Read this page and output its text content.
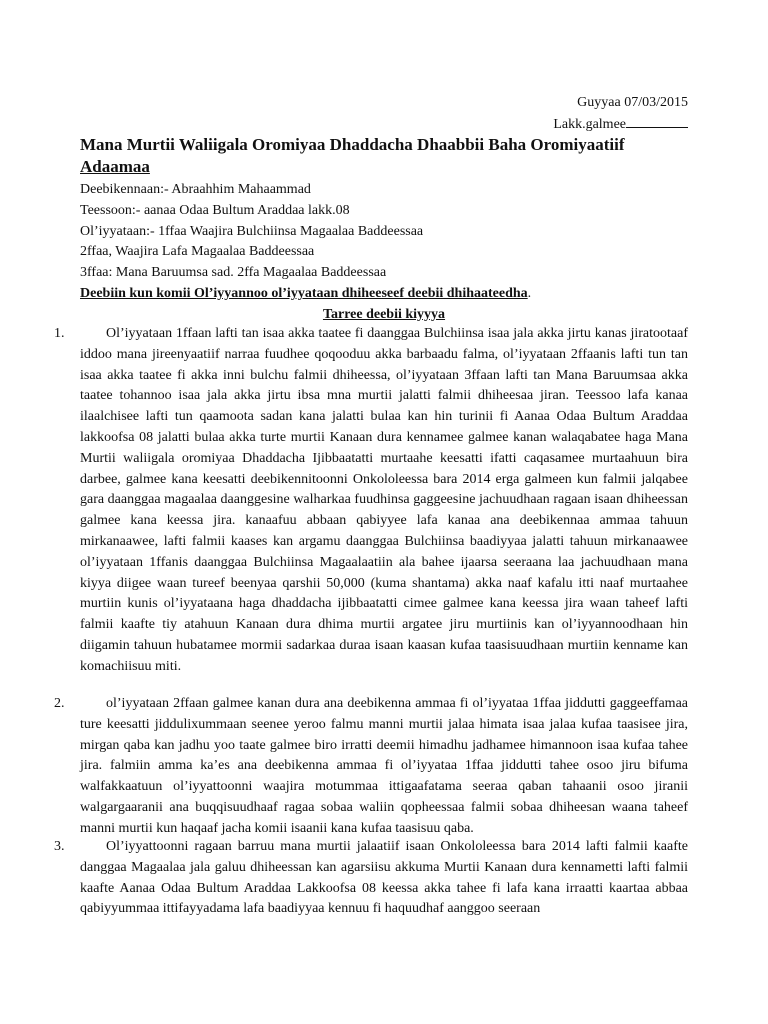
Guyyaa 07/03/2015
Lakk.galmee
Mana Murtii Waliigala Oromiyaa Dhaddacha Dhaabbii Baha Oromiyaatiif
Adaamaa
Deebikennaan:- Abraahhim Mahaammad
Teessoon:- aanaa Odaa Bultum Araddaa lakk.08
Ol’iyyataan:- 1ffaa Waajira Bulchiinsa Magaalaa Baddeessaa
2ffaa, Waajira Lafa Magaalaa Baddeessaa
3ffaa: Mana Baruumsa sad. 2ffa Magaalaa Baddeessaa
Deebiin kun komii Ol’iyyannoo ol’iyyataan dhiheeseef deebii dhihaateedha.
Tarree deebii kiyyya
1.	Ol’iyyataan 1ffaan lafti tan isaa akka taatee fi daanggaa Bulchiinsa isaa jala akka jirtu kanas jiratootaaf iddoo mana jireenyaatiif narraa fuudhee qoqooduu akka barbaadu falma, ol’iyyataan 2ffaanis lafti tun tan isaa akka taatee fi akka inni bulchu falmii dhiheessa, ol’iyyataan 3ffaan lafti tan Mana Baruumsaa akka taatee tohannoo isaa jala akka jirtu ibsa mna murtii jalatti falmii dhiheesaa jiran. Teessoo lafa kanaa ilaalchisee lafti tun qaamoota sadan kana jalatti bulaa kan hin turinii fi Aanaa Odaa Bultum Araddaa lakkoofsa 08 jalatti bulaa akka turte murtii Kanaan dura kennamee galmee kanan walaqabatee haga Mana Murtii waliigala oromiyaa Dhaddacha Ijibbaatatti murtaahe keesatti ifatti caqasamee murtaahuun bira darbee, galmee kana keesatti deebikennitoonni Onkololeessa bara 2014 erga galmeen kun falmii jalqabee gara daanggaa magaalaa daanggesine walharkaa fuudhinsa gaggeesine jachuudhaan ragaan isaan dhiheessan galmee kana keessa jira. kanaafuu abbaan qabiyyee lafa kanaa ana deebikennaa ammaa tahuun mirkanaawee, lafti falmii kaases kan argamu daanggaa Bulchiinsa baadiyyaa jalatti tahuun mirkanaawee ol’iyyataan 1ffanis daanggaa Bulchiinsa Magaalaatiin ala bahee ijaarsa seeraana laa jachuudhaan mana kiyya diigee waan tureef beenyaa qarshii 50,000 (kuma shantama) akka naaf kafalu itti naaf murtaahee murtiin kunis ol’iyyataana haga dhaddacha ijibbaatatti cimee galmee kana keessa jira waan taheef lafti falmii kaafte tiy atahuun Kanaan dura dhima murtii argatee jiru murtiinis kan ol’iyyannoodhaan hin diigamin tahuun hubatamee mormii sadarkaa duraa isaan kaasan kufaa taasisuudhaan murtiin kenname kan komachiisuu miti.
2.	ol’iyyataan 2ffaan galmee kanan dura ana deebikenna ammaa fi ol’iyyataa 1ffaa jiddutti gaggeeffamaa ture keesatti jiddulixummaan seenee yeroo falmu manni murtii jalaa himata isaa jalaa kufaa taasisee jira, mirgan qaba kan jadhu yoo taate galmee biro irratti deemii himadhu jadhamee himannoon isaa kufaa tahee jira. falmiin amma ka’es ana deebikenna ammaa fi ol’iyyataa 1ffaa jiddutti tahee osoo jiru bifuma walfakkaatuun ol’iyyattoonni waajira motummaa ittigaafatama seeraa qaban tahaanii osoo jiranii walgargaaranii ana buqqisuudhaaf ragaa sobaa waliin qopheessaa falmii sobaa dhiheesan waana taheef manni murtii kun haqaaf jacha komii isaanii kana kufaa taasisuu qaba.
3.	Ol’iyyattoonni ragaan barruu mana murtii jalaatiif isaan Onkololeessa bara 2014 lafti falmii kaafte danggaa Magaalaa jala galuu dhiheessan kan agarsiisu akkuma Murtii Kanaan dura kennametti lafti falmii kaafte Aanaa Odaa Bultum Araddaa Lakkoofsa 08 keessa akka tahee fi lafa kana irraatti kaartaa abbaa qabiyyummaa ittifayyadama lafa baadiyyaa kennuu fi haquudhaf aanggoo seeraan
